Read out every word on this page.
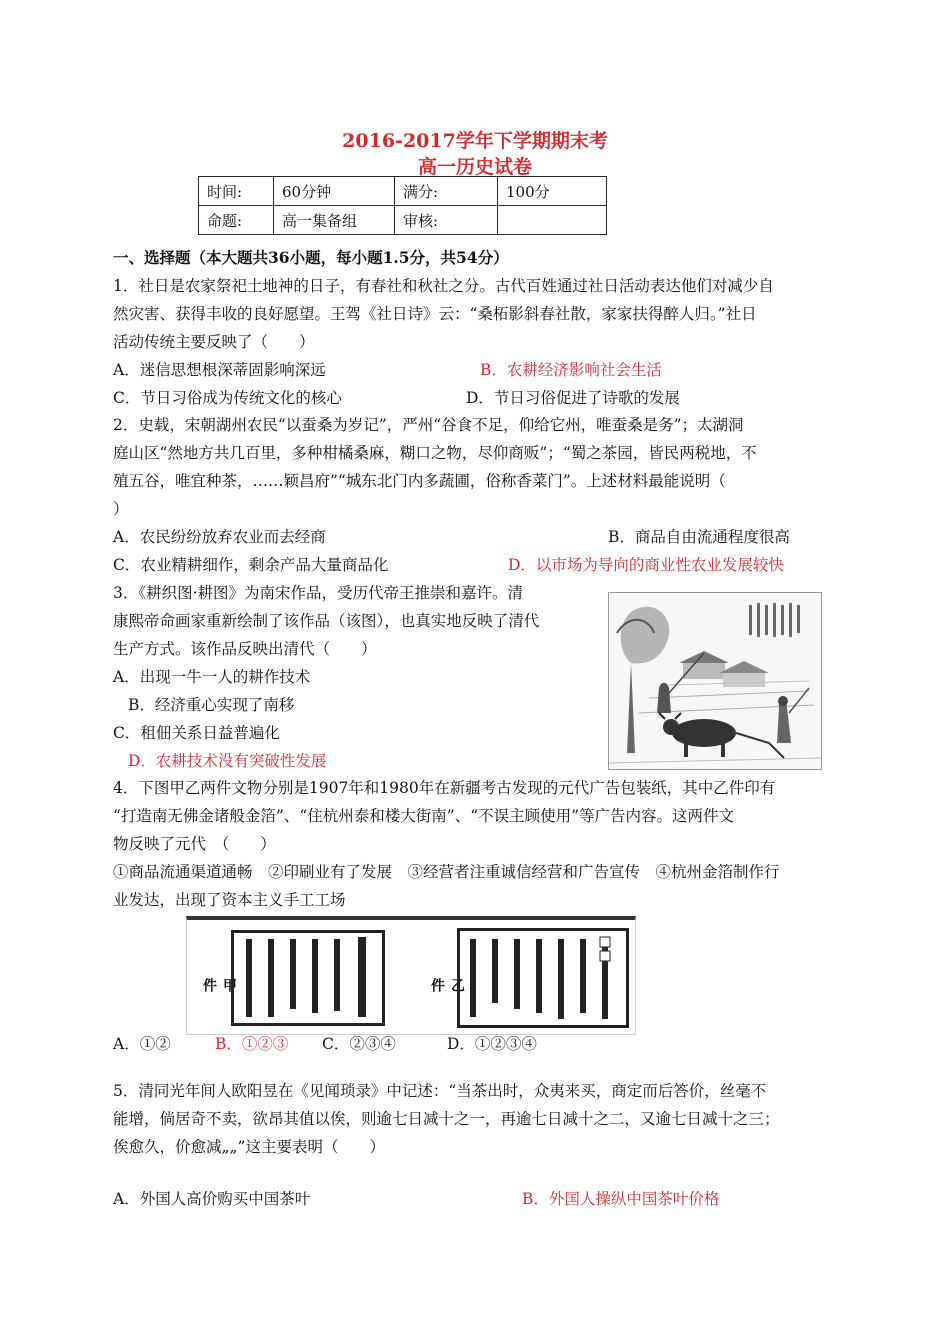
2016-2017学年下学期期末考
高一历史试卷
时间:	60分钟	满分:	100分
命题:	高一集备组	审核:	
一、选择题（本大题共36小题，每小题1.5分，共54分）
1．社日是农家祭祀土地神的日子，有春社和秋社之分。古代百姓通过社日活动表达他们对减少自
然灾害、获得丰收的良好愿望。王驾《社日诗》云：“桑柘影斜春社散，家家扶得醉人归。”社日
活动传统主要反映了（　　）
A．迷信思想根深蒂固影响深远	B．农耕经济影响社会生活
C．节日习俗成为传统文化的核心	D．节日习俗促进了诗歌的发展
2．史载，宋朝湖州农民“以蚕桑为岁记”，严州“谷食不足，仰给它州，唯蚕桑是务”；太湖洞
庭山区“然地方共几百里，多种柑橘桑麻，糊口之物，尽仰商贩”；“蜀之茶园，皆民两税地，不
殖五谷，唯宜种茶，……颖昌府”“城东北门内多蔬圃，俗称香菜门”。上述材料最能说明（
）
A．农民纷纷放弃农业而去经商	B．商品自由流通程度很高
C．农业精耕细作，剩余产品大量商品化	D．以市场为导向的商业性农业发展较快
3．《耕织图·耕图》为南宋作品，受历代帝王推崇和嘉许。清
康熙帝命画家重新绘制了该作品（该图），也真实地反映了清代
生产方式。该作品反映出清代（　　）
A．出现一牛一人的耕作技术
B．经济重心实现了南移
C．租佃关系日益普遍化
D．农耕技术没有突破性发展
4．下图甲乙两件文物分别是1907年和1980年在新疆考古发现的元代广告包装纸，其中乙件印有
“打造南无佛金诸般金箔”、“住杭州泰和楼大街南”、“不误主顾使用”等广告内容。这两件文
物反映了元代　（　　）
①商品流通渠道通畅　②印刷业有了发展　③经营者注重诚信经营和广告宣传　④杭州金箔制作行
业发达，出现了资本主义手工工场
甲件	乙件
A．①②	B．①②③ C．②③④	D．①②③④
5．清同光年间人欧阳昱在《见闻琐录》中记述：“当茶出时，众夷来买，商定而后答价，丝毫不
能增，倘居奇不卖，欲昂其值以俟，则逾七日减十之一，再逾七日减十之二，又逾七日减十之三；
俟愈久，价愈减„„”这主要表明（　　）
A．外国人高价购买中国茶叶	B．外国人操纵中国茶叶价格
